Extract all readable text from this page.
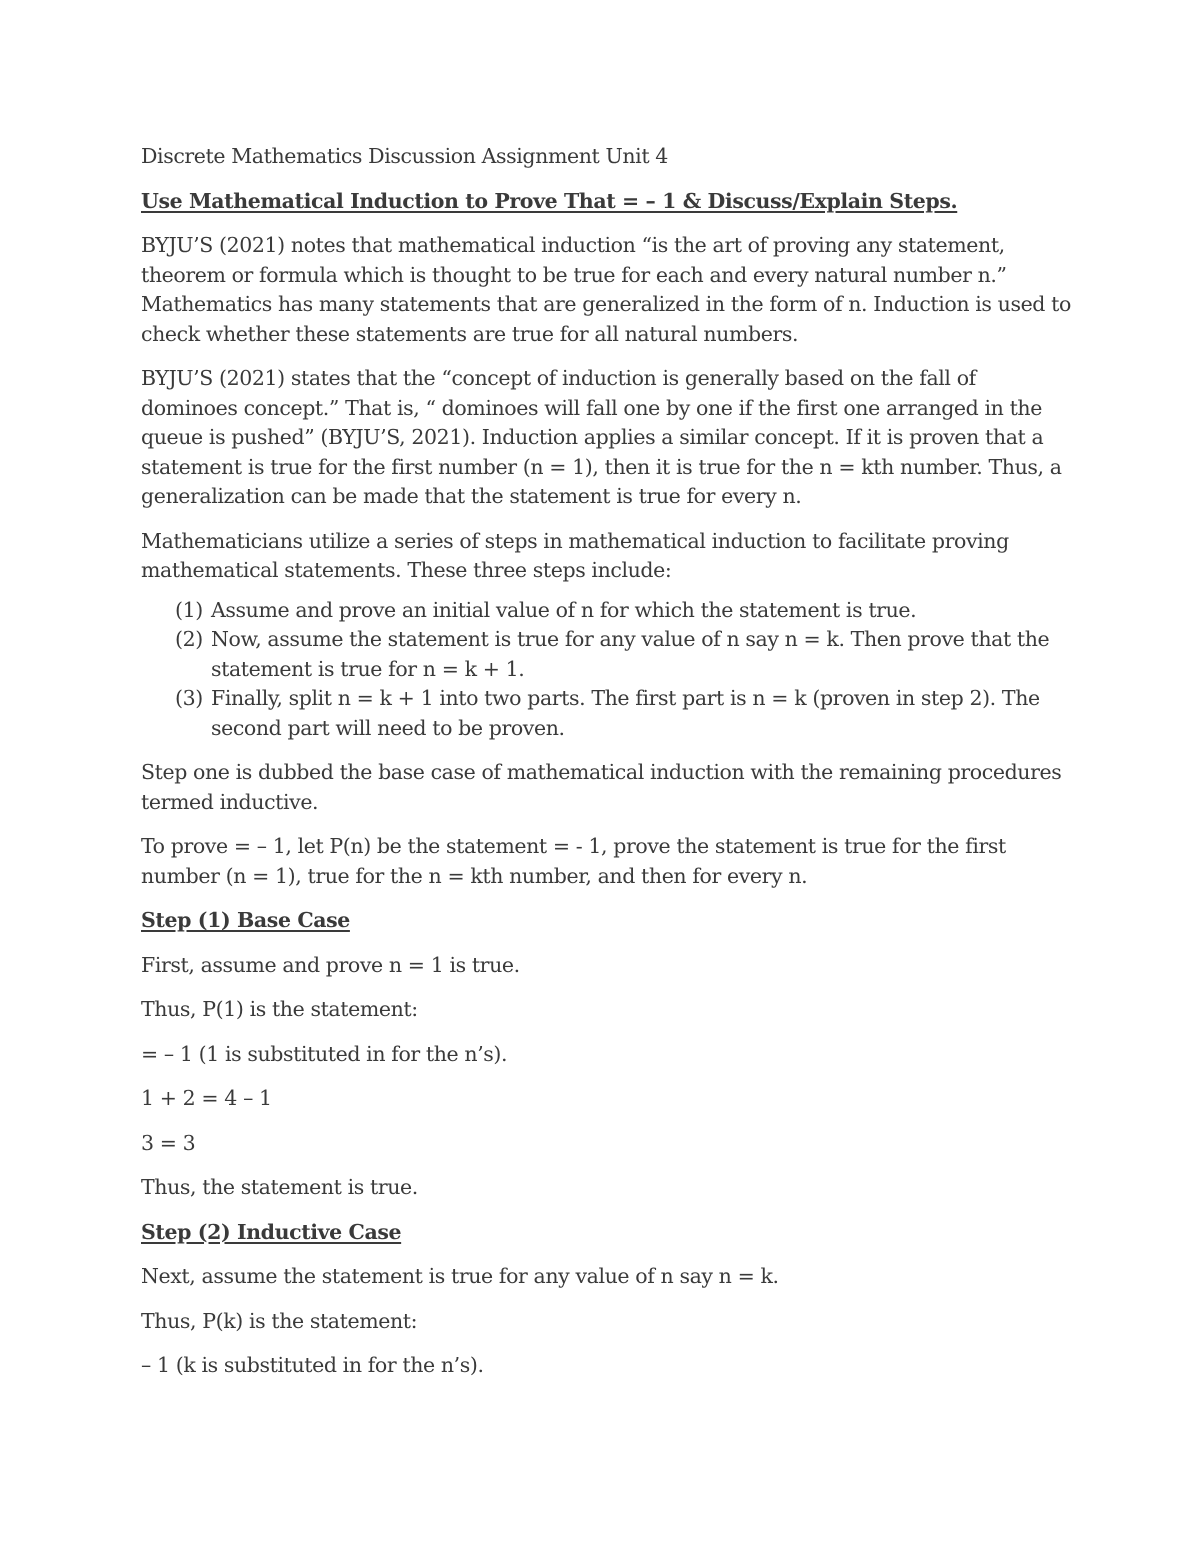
Discrete Mathematics Discussion Assignment Unit 4

Use Mathematical Induction to Prove That = – 1 & Discuss/Explain Steps.

BYJU’S (2021) notes that mathematical induction “is the art of proving any statement, theorem or formula which is thought to be true for each and every natural number n.” Mathematics has many statements that are generalized in the form of n. Induction is used to check whether these statements are true for all natural numbers.

BYJU’S (2021) states that the “concept of induction is generally based on the fall of dominoes concept.” That is, “ dominoes will fall one by one if the first one arranged in the queue is pushed” (BYJU’S, 2021). Induction applies a similar concept. If it is proven that a statement is true for the first number (n = 1), then it is true for the n = kth number. Thus, a generalization can be made that the statement is true for every n.

Mathematicians utilize a series of steps in mathematical induction to facilitate proving mathematical statements. These three steps include:

(1) Assume and prove an initial value of n for which the statement is true.
(2) Now, assume the statement is true for any value of n say n = k. Then prove that the statement is true for n = k + 1.
(3) Finally, split n = k + 1 into two parts. The first part is n = k (proven in step 2). The second part will need to be proven.

Step one is dubbed the base case of mathematical induction with the remaining procedures termed inductive.

To prove = – 1, let P(n) be the statement = - 1, prove the statement is true for the first number (n = 1), true for the n = kth number, and then for every n.

Step (1) Base Case

First, assume and prove n = 1 is true.

Thus, P(1) is the statement:

= – 1 (1 is substituted in for the n’s).

1 + 2 = 4 – 1

3 = 3

Thus, the statement is true.

Step (2) Inductive Case

Next, assume the statement is true for any value of n say n = k.

Thus, P(k) is the statement:

– 1 (k is substituted in for the n’s).
